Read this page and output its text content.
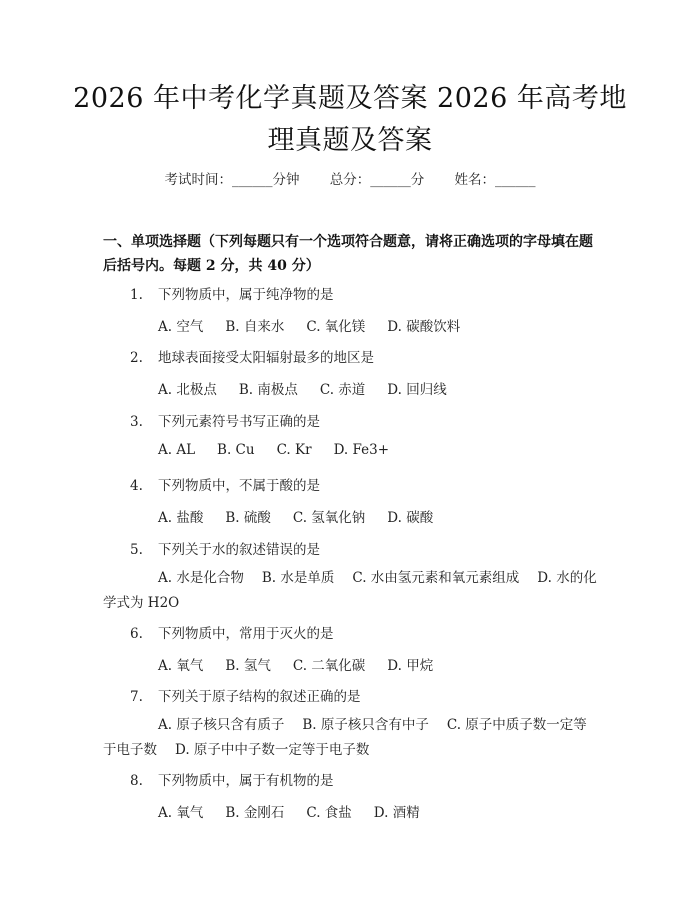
2026 年中考化学真题及答案 2026 年高考地
理真题及答案
考试时间：______分钟 总分：______分 姓名：______
一、单项选择题（下列每题只有一个选项符合题意，请将正确选项的字母填在题后括号内。每题 2 分，共 40 分）
1. 下列物质中，属于纯净物的是
A. 空气 B. 自来水 C. 氧化镁 D. 碳酸饮料
2. 地球表面接受太阳辐射最多的地区是
A. 北极点 B. 南极点 C. 赤道 D. 回归线
3. 下列元素符号书写正确的是
A. AL B. Cu C. Kr D. Fe3+
4. 下列物质中，不属于酸的是
A. 盐酸 B. 硫酸 C. 氢氧化钠 D. 碳酸
5. 下列关于水的叙述错误的是
A. 水是化合物 B. 水是单质 C. 水由氢元素和氧元素组成 D. 水的化学式为 H2O
6. 下列物质中，常用于灭火的是
A. 氧气 B. 氢气 C. 二氧化碳 D. 甲烷
7. 下列关于原子结构的叙述正确的是
A. 原子核只含有质子 B. 原子核只含有中子 C. 原子中质子数一定等于电子数 D. 原子中中子数一定等于电子数
8. 下列物质中，属于有机物的是
A. 氧气 B. 金刚石 C. 食盐 D. 酒精
